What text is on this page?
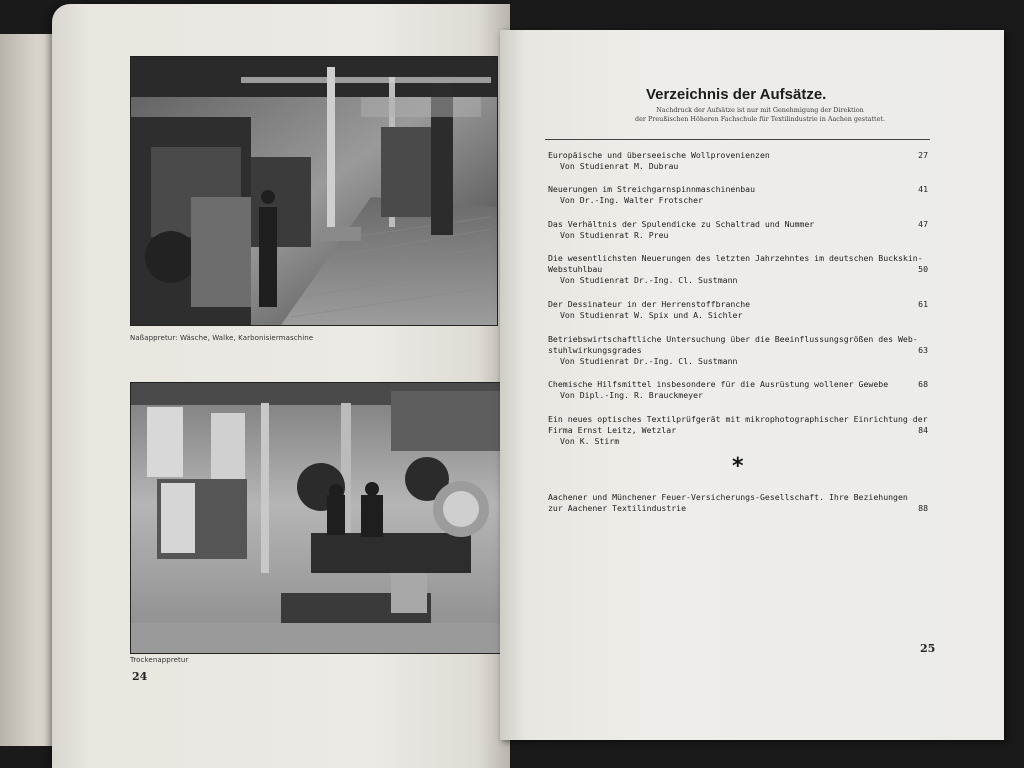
Naßappretur: Wäsche, Walke, Karbonisiermaschine
Trockenappretur
24
Verzeichnis der Aufsätze.
Nachdruck der Aufsätze ist nur mit Genehmigung der Direktion
der Preußischen Höheren Fachschule für Textilindustrie in Aachen gestattet.
Europäische und überseeische Wollprovenienzen	27
Von Studienrat M. Dubrau
Neuerungen im Streichgarnspinnmaschinenbau	41
Von Dr.-Ing. Walter Frotscher
Das Verhältnis der Spulendicke zu Schaltrad und Nummer	47
Von Studienrat R. Preu
Die wesentlichsten Neuerungen des letzten Jahrzehntes im deutschen Buckskin-
Webstuhlbau	50
Von Studienrat Dr.-Ing. Cl. Sustmann
Der Dessinateur in der Herrenstoffbranche	61
Von Studienrat W. Spix und A. Sichler
Betriebswirtschaftliche Untersuchung über die Beeinflussungsgrößen des Web-
stuhlwirkungsgrades	63
Von Studienrat Dr.-Ing. Cl. Sustmann
Chemische Hilfsmittel insbesondere für die Ausrüstung wollener Gewebe	68
Von Dipl.-Ing. R. Brauckmeyer
Ein neues optisches Textilprüfgerät mit mikrophotographischer Einrichtung der
Firma Ernst Leitz, Wetzlar	84
Von K. Stirm
*
Aachener und Münchener Feuer-Versicherungs-Gesellschaft. Ihre Beziehungen
zur Aachener Textilindustrie	88
25
